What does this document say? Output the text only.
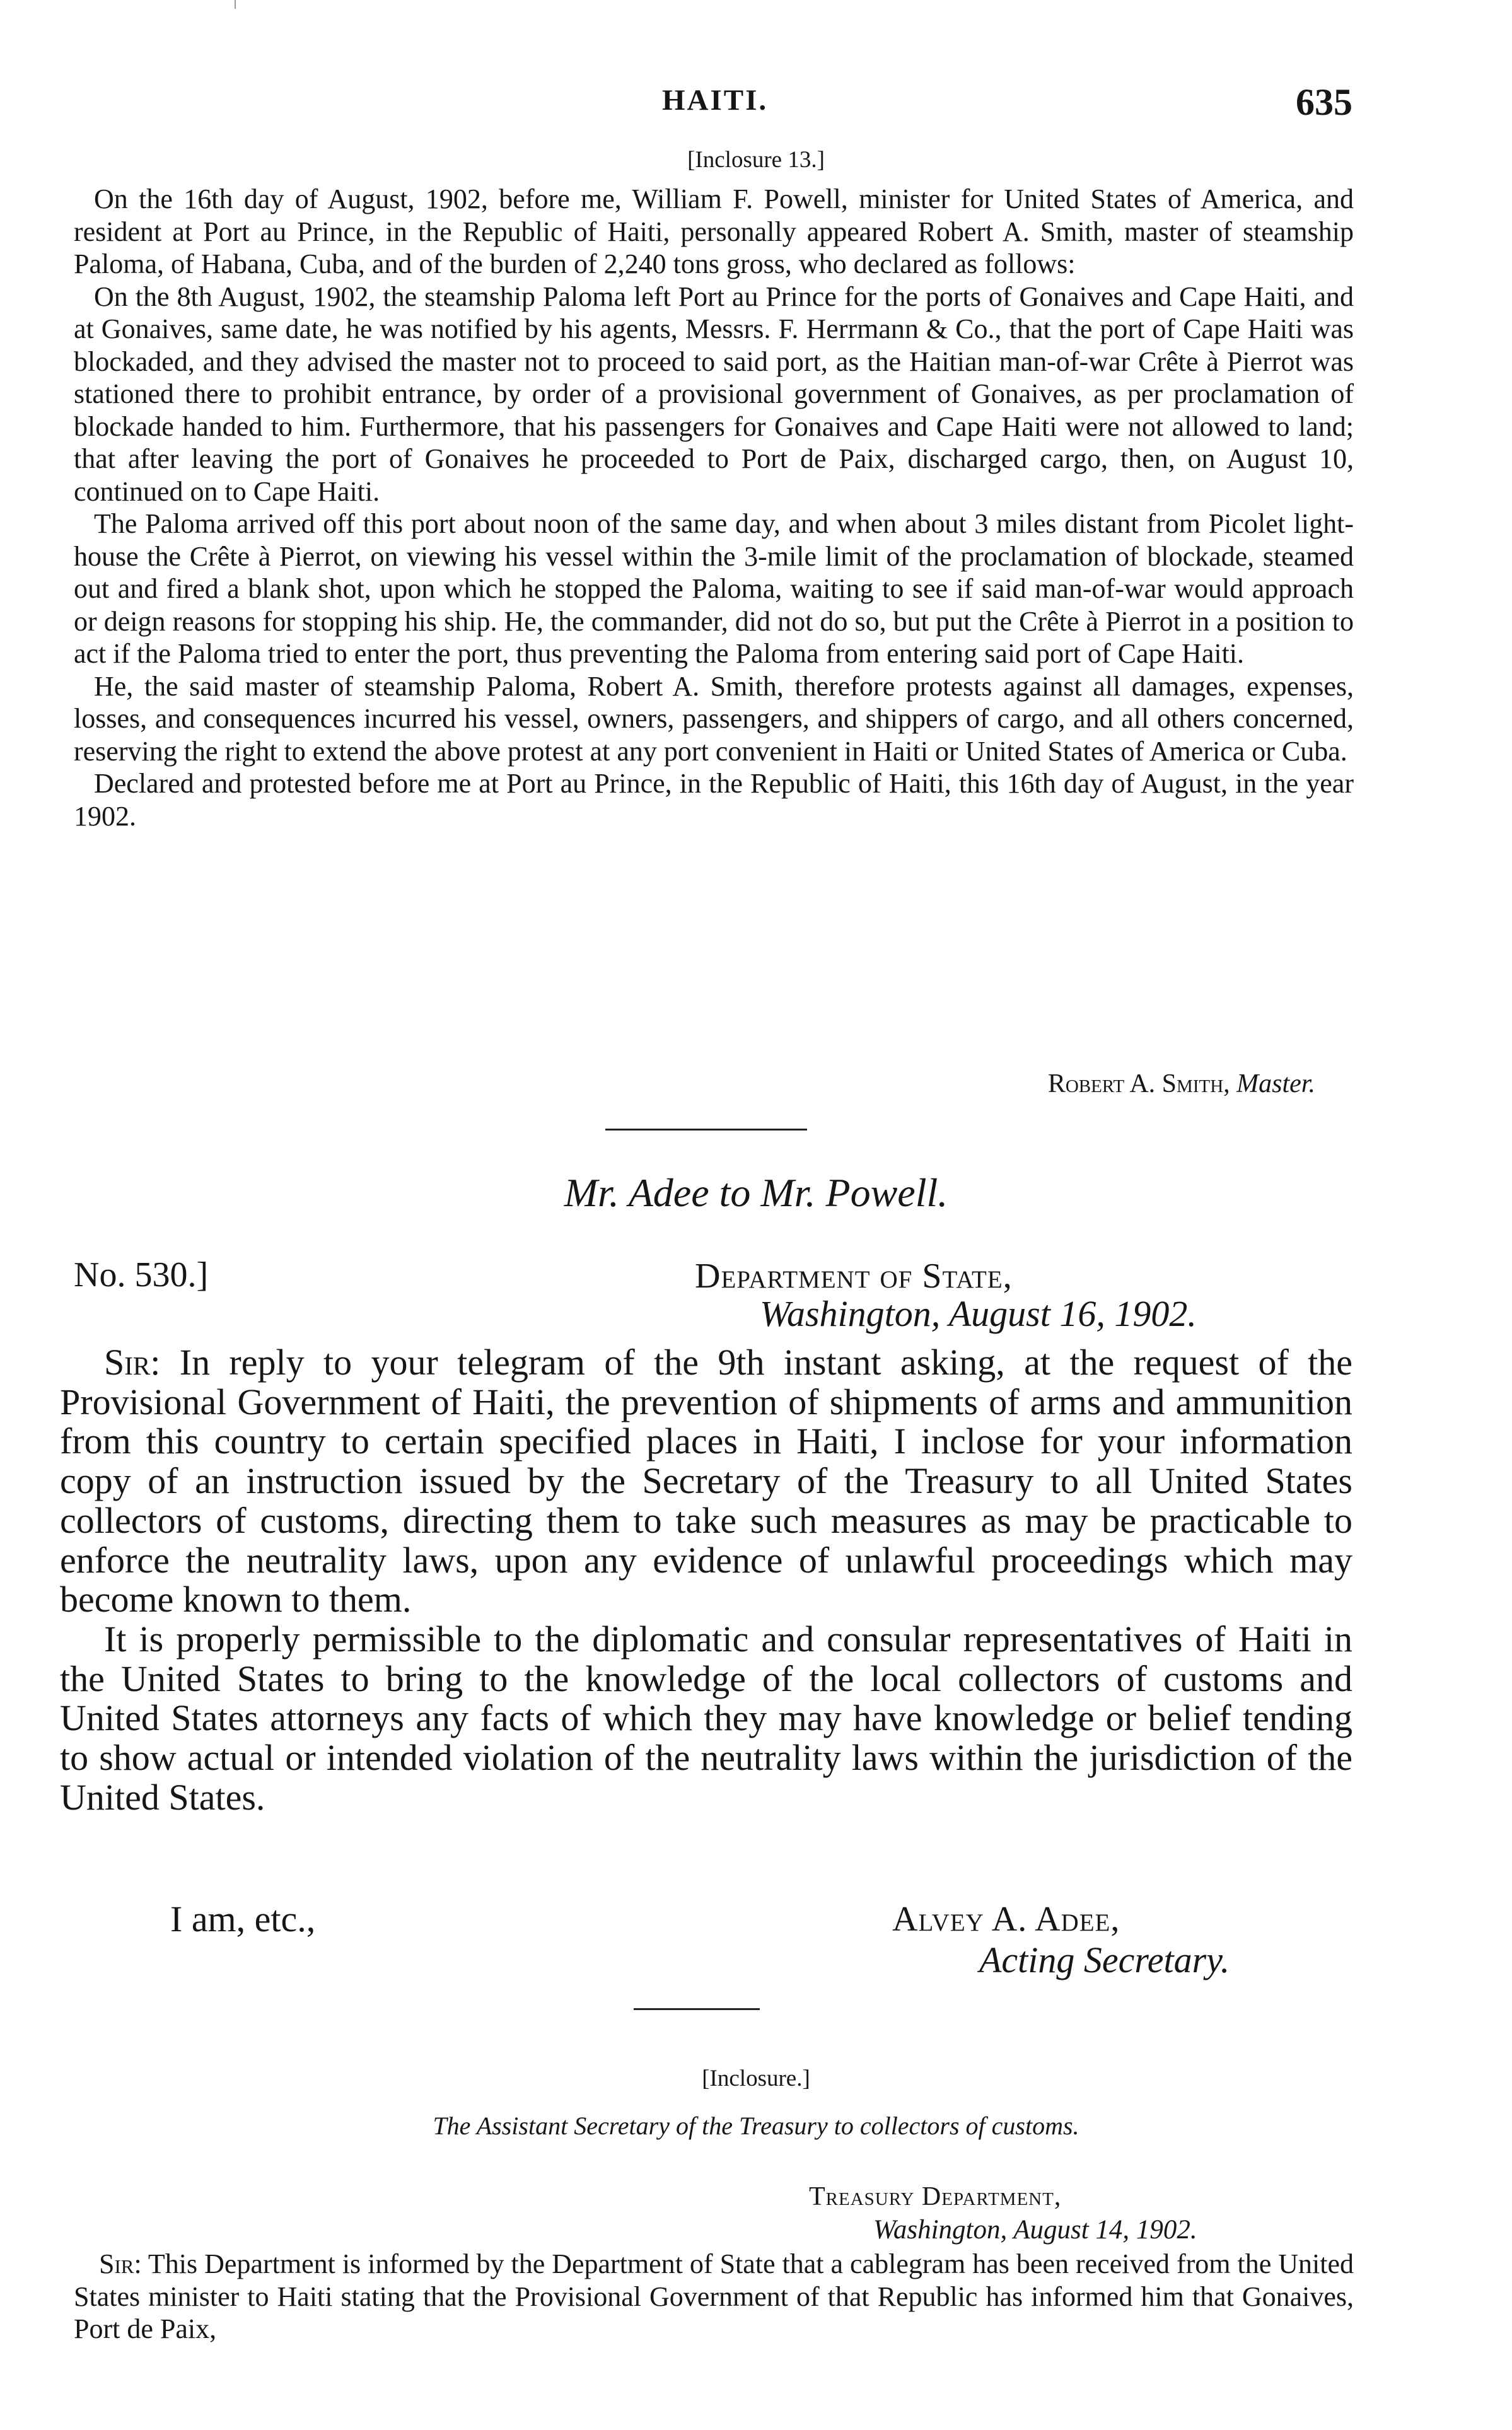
HAITI.	635
[Inclosure 13.]

On the 16th day of August, 1902, before me, William F. Powell, minister for United States of America, and resident at Port au Prince, in the Republic of Haiti, personally appeared Robert A. Smith, master of steamship Paloma, of Habana, Cuba, and of the burden of 2,240 tons gross, who declared as follows:

On the 8th August, 1902, the steamship Paloma left Port au Prince for the ports of Gonaives and Cape Haiti, and at Gonaives, same date, he was notified by his agents, Messrs. F. Herrmann & Co., that the port of Cape Haiti was blockaded, and they advised the master not to proceed to said port, as the Haitian man-of-war Crête à Pierrot was stationed there to prohibit entrance, by order of a provisional government of Gonaives, as per proclamation of blockade handed to him. Furthermore, that his passengers for Gonaives and Cape Haiti were not allowed to land; that after leaving the port of Gonaives he proceeded to Port de Paix, discharged cargo, then, on August 10, continued on to Cape Haiti.

The Paloma arrived off this port about noon of the same day, and when about 3 miles distant from Picolet light-house the Crête à Pierrot, on viewing his vessel within the 3-mile limit of the proclamation of blockade, steamed out and fired a blank shot, upon which he stopped the Paloma, waiting to see if said man-of-war would approach or deign reasons for stopping his ship. He, the commander, did not do so, but put the Crête à Pierrot in a position to act if the Paloma tried to enter the port, thus preventing the Paloma from entering said port of Cape Haiti.

He, the said master of steamship Paloma, Robert A. Smith, therefore protests against all damages, expenses, losses, and consequences incurred his vessel, owners, passengers, and shippers of cargo, and all others concerned, reserving the right to extend the above protest at any port convenient in Haiti or United States of America or Cuba.

Declared and protested before me at Port au Prince, in the Republic of Haiti, this 16th day of August, in the year 1902.

Robert A. Smith, Master.
Mr. Adee to Mr. Powell.
No. 530.]	Department of State,
Washington, August 16, 1902.

Sir: In reply to your telegram of the 9th instant asking, at the request of the Provisional Government of Haiti, the prevention of shipments of arms and ammunition from this country to certain specified places in Haiti, I inclose for your information copy of an instruction issued by the Secretary of the Treasury to all United States collectors of customs, directing them to take such measures as may be practicable to enforce the neutrality laws, upon any evidence of unlawful proceedings which may become known to them.

It is properly permissible to the diplomatic and consular representatives of Haiti in the United States to bring to the knowledge of the local collectors of customs and United States attorneys any facts of which they may have knowledge or belief tending to show actual or intended violation of the neutrality laws within the jurisdiction of the United States.

I am, etc.,	Alvey A. Adee,
Acting Secretary.
[Inclosure.]
The Assistant Secretary of the Treasury to collectors of customs.
Treasury Department,
Washington, August 14, 1902.

Sir: This Department is informed by the Department of State that a cablegram has been received from the United States minister to Haiti stating that the Provisional Government of that Republic has informed him that Gonaives, Port de Paix,
